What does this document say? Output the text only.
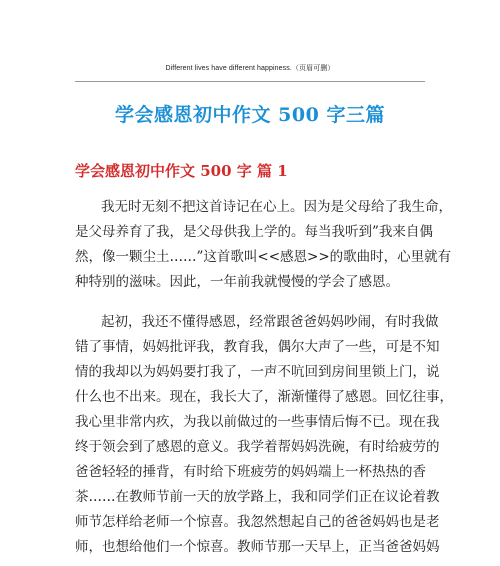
Different lives have different happiness.（页眉可删）
学会感恩初中作文 500 字三篇
学会感恩初中作文 500 字 篇 1
我无时无刻不把这首诗记在心上。因为是父母给了我生命，
是父母养育了我，是父母供我上学的。每当我听到”我来自偶
然，像一颗尘土……”这首歌叫<<感恩>>的歌曲时，心里就有
种特别的滋味。因此，一年前我就慢慢的学会了感恩。
起初，我还不懂得感恩，经常跟爸爸妈妈吵闹，有时我做
错了事情，妈妈批评我，教育我，偶尔大声了一些，可是不知
情的我却以为妈妈要打我了，一声不吭回到房间里锁上门，说
什么也不出来。现在，我长大了，渐渐懂得了感恩。回忆往事，
我心里非常内疚，为我以前做过的一些事情后悔不已。现在我
终于领会到了感恩的意义。我学着帮妈妈洗碗，有时给疲劳的
爸爸轻轻的捶背，有时给下班疲劳的妈妈端上一杯热热的香
茶……在教师节前一天的放学路上，我和同学们正在议论着教
师节怎样给老师一个惊喜。我忽然想起自己的爸爸妈妈也是老
师，也想给他们一个惊喜。教师节那一天早上，正当爸爸妈妈
